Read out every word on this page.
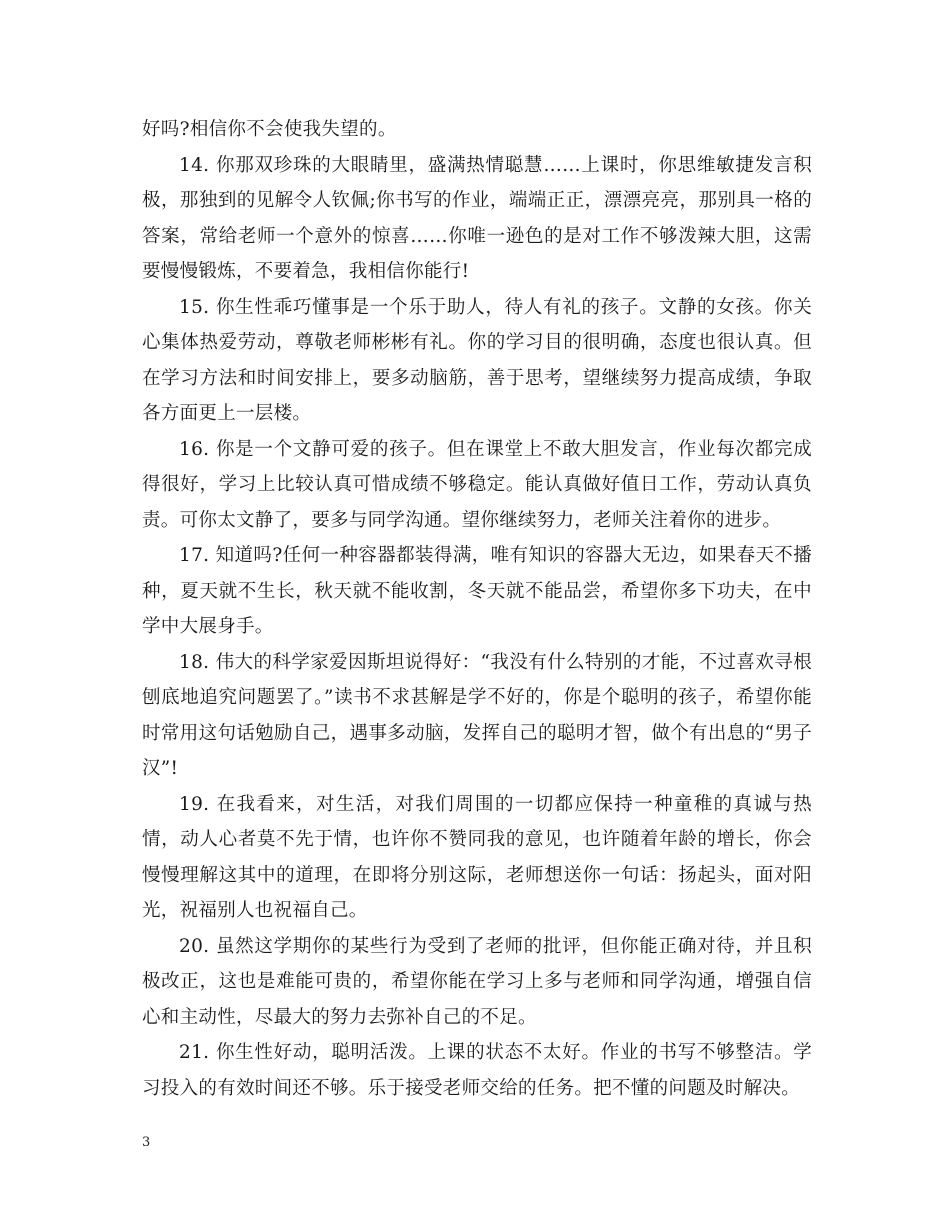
好吗?相信你不会使我失望的。

14. 你那双珍珠的大眼睛里，盛满热情聪慧……上课时，你思维敏捷发言积极，那独到的见解令人钦佩;你书写的作业，端端正正，漂漂亮亮，那别具一格的答案，常给老师一个意外的惊喜……你唯一逊色的是对工作不够泼辣大胆，这需要慢慢锻炼，不要着急，我相信你能行!

15. 你生性乖巧懂事是一个乐于助人，待人有礼的孩子。文静的女孩。你关心集体热爱劳动，尊敬老师彬彬有礼。你的学习目的很明确，态度也很认真。但在学习方法和时间安排上，要多动脑筋，善于思考，望继续努力提高成绩，争取各方面更上一层楼。

16. 你是一个文静可爱的孩子。但在课堂上不敢大胆发言，作业每次都完成得很好，学习上比较认真可惜成绩不够稳定。能认真做好值日工作，劳动认真负责。可你太文静了，要多与同学沟通。望你继续努力，老师关注着你的进步。

17. 知道吗?任何一种容器都装得满，唯有知识的容器大无边，如果春天不播种，夏天就不生长，秋天就不能收割，冬天就不能品尝，希望你多下功夫，在中学中大展身手。

18. 伟大的科学家爱因斯坦说得好：“我没有什么特别的才能，不过喜欢寻根刨底地追究问题罢了。”读书不求甚解是学不好的，你是个聪明的孩子，希望你能时常用这句话勉励自己，遇事多动脑，发挥自己的聪明才智，做个有出息的“男子汉”!

19. 在我看来，对生活，对我们周围的一切都应保持一种童稚的真诚与热情，动人心者莫不先于情，也许你不赞同我的意见，也许随着年龄的增长，你会慢慢理解这其中的道理，在即将分别这际，老师想送你一句话：扬起头，面对阳光，祝福别人也祝福自己。

20. 虽然这学期你的某些行为受到了老师的批评，但你能正确对待，并且积极改正，这也是难能可贵的，希望你能在学习上多与老师和同学沟通，增强自信心和主动性，尽最大的努力去弥补自己的不足。

21. 你生性好动，聪明活泼。上课的状态不太好。作业的书写不够整洁。学习投入的有效时间还不够。乐于接受老师交给的任务。把不懂的问题及时解决。

3
